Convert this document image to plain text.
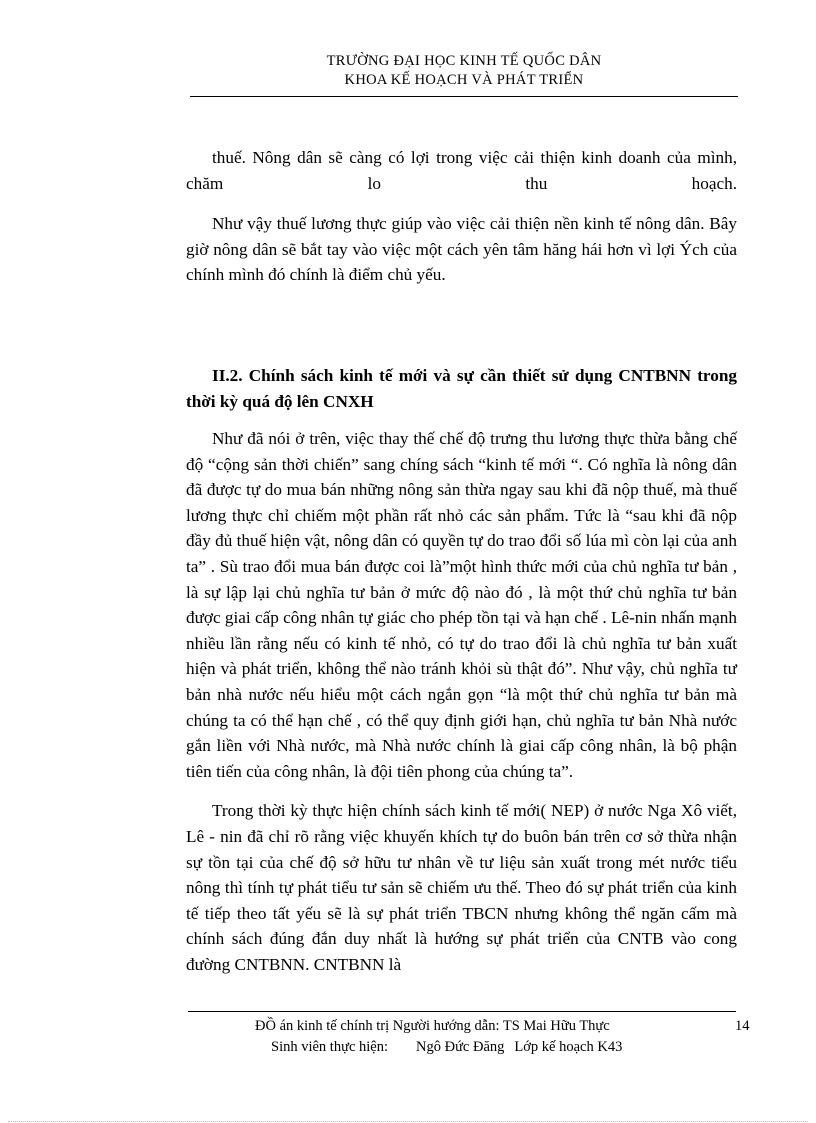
TRƯỜNG ĐẠI HỌC KINH TẾ QUỐC DÂN
KHOA KẾ HOẠCH VÀ PHÁT TRIỂN

thuế. Nông dân sẽ càng có lợi trong việc cải thiện kinh doanh của mình, chăm lo thu hoạch.

Như vậy thuế lương thực giúp vào việc cải thiện nền kinh tế nông dân. Bây giờ nông dân sẽ bắt tay vào việc một cách yên tâm hăng hái hơn vì lợi Ých của chính mình đó chính là điểm chủ yếu.

II.2. Chính sách kinh tế mới và sự cần thiết sử dụng CNTBNN trong thời kỳ quá độ lên CNXH

Như đã nói ở trên, việc thay thế chế độ trưng thu lương thực thừa bằng chế độ “cộng sản thời chiến” sang chíng sách “kinh tế mới “. Có nghĩa là nông dân đã được tự do mua bán những nông sản thừa ngay sau khi đã nộp thuế, mà thuế lương thực chỉ chiếm một phần rất nhỏ các sản phẩm. Tức là “sau khi đã nộp đầy đủ thuế hiện vật, nông dân có quyền tự do trao đổi số lúa mì còn lại của anh ta” . Sù trao đổi mua bán được coi là”một hình thức mới của chủ nghĩa tư bản , là sự lập lại chủ nghĩa tư bản ở mức độ nào đó , là một thứ chủ nghĩa tư bản được giai cấp công nhân tự giác cho phép tồn tại và hạn chế . Lê-nin nhấn mạnh nhiều lần rằng nếu có kinh tế nhỏ, có tự do trao đổi là chủ nghĩa tư bản xuất hiện và phát triển, không thể nào tránh khỏi sù thật đó”. Như vậy, chủ nghĩa tư bản nhà nước nếu hiểu một cách ngắn gọn “là một thứ chủ nghĩa tư bản mà chúng ta có thể hạn chế , có thể quy định giới hạn, chủ nghĩa tư bản Nhà nước gắn liền với Nhà nước, mà Nhà nước chính là giai cấp công nhân, là bộ phận tiên tiến của công nhân, là đội tiên phong của chúng ta”.

Trong thời kỳ thực hiện chính sách kinh tế mới( NEP) ở nước Nga Xô viết, Lê - nin đã chỉ rõ rằng việc khuyến khích tự do buôn bán trên cơ sở thừa nhận sự tồn tại của chế độ sở hữu tư nhân về tư liệu sản xuất trong mét nước tiểu nông thì tính tự phát tiểu tư sản sẽ chiếm ưu thế. Theo đó sự phát triển của kinh tế tiếp theo tất yếu sẽ là sự phát triển TBCN nhưng không thể ngăn cấm mà chính sách đúng đắn duy nhất là hướng sự phát triển của CNTB vào cong đường CNTBNN. CNTBNN là

ĐỒ án kinh tế chính trị Người hướng dẫn: TS Mai Hữu Thực
Sinh viên thực hiện: Ngô Đức Đăng Lớp kế hoạch K43
14
